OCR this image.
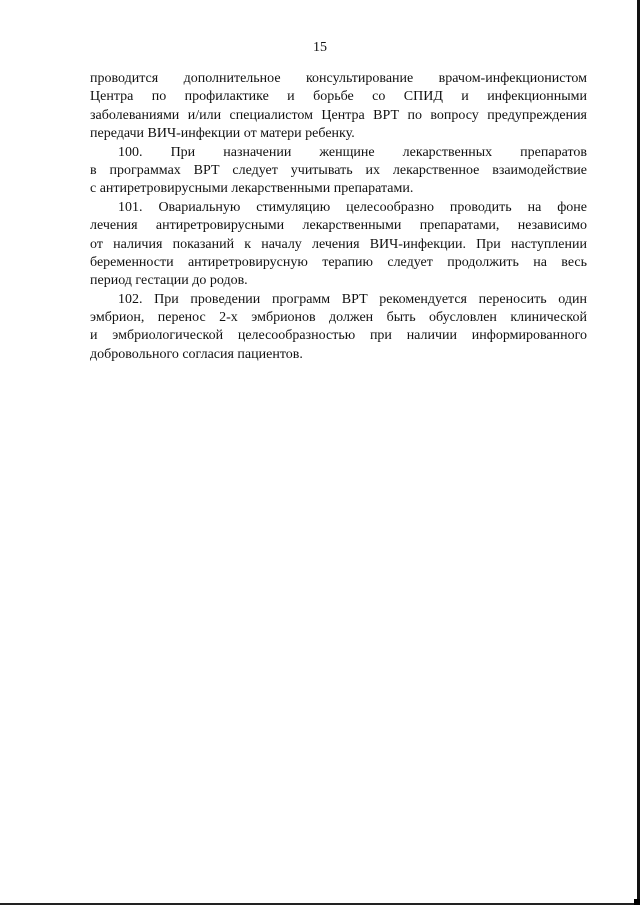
15
проводится дополнительное консультирование врачом-инфекционистом
Центра по профилактике и борьбе со СПИД и инфекционными
заболеваниями и/или специалистом Центра ВРТ по вопросу предупреждения
передачи ВИЧ-инфекции от матери ребенку.
100. При назначении женщине лекарственных препаратов
в программах ВРТ следует учитывать их лекарственное взаимодействие
с антиретровирусными лекарственными препаратами.
101. Овариальную стимуляцию целесообразно проводить на фоне
лечения антиретровирусными лекарственными препаратами, независимо
от наличия показаний к началу лечения ВИЧ-инфекции. При наступлении
беременности антиретровирусную терапию следует продолжить на весь
период гестации до родов.
102. При проведении программ ВРТ рекомендуется переносить один
эмбрион, перенос 2-х эмбрионов должен быть обусловлен клинической
и эмбриологической целесообразностью при наличии информированного
добровольного согласия пациентов.
